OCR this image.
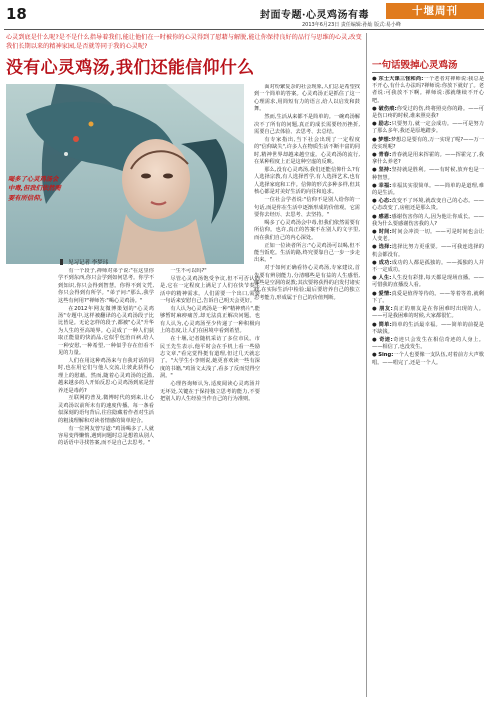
18	封面专题·心灵鸡汤有毒	十堰周刊
2013年6月23日 责任编辑:孙灿 版式:易小峰
心灵到底是什么呢?是不是什么指导着我们,能让他们在一时被你的心灵得到了慰藉与解脱,能让你保持良好的品行与思维的心灵,改变我们长期以来的精神家园,是否就等同于我的心灵呢?
没有心灵鸡汤,我们还能信仰什么
喝多了心灵鸡汤会中毒,但我们依然需要有所信仰。
见习记者 李梦玮

有一个段子,禅师对弟子说:"在这里你学不到东西,你只会学到如何思考。你学不到知识,你只会得到智慧。你得不到文凭,你只会得到有所学。"弟子问:"那么,我学这些有何用?"禅师答:"喝心灵鸡汤。"

在2012年网友微博策划的"心灵鸡汤"专题中,这样被翻译的心灵鸡汤段子比比皆是。无论怎样的段子,都被"心灵"升华为人生的至高境界。心灵成了一种人们获取正能量的快消品,它似乎包治百病,给人一种安慰,一种希望,一种似乎存在但看不见的力量。

人们在用这种鸡汤来与自我对话的同时,也在用它们与他人交流,让彼此获得心理上的慰藉。然而,随着心灵鸡汤的泛滥,越来越多的人开始反思:心灵鸡汤到底是营养还是毒药?

互联网的普及,微博时代的到来,让心灵鸡汤以前所未有的速度传播。每一条看似深刻的语句背后,往往隐藏着作者对生活的粗浅理解和对读者情感的简单迎合。

有一位网友曾写道:"鸡汤喝多了,人就容易变得懒惰,遇到问题时总是想着从别人的话语中寻找答案,而不是自己去思考。"

一生不可以吗?"

尽管心灵鸡汤饱受争议,但不可否认的是,它在一定程度上满足了人们在快节奏生活中的精神需求。人们需要一个出口,需要一句话来安慰自己,告诉自己明天会更好。

有人认为心灵鸡汤是一种"精神鸦片",能够暂时麻痹痛苦,却无法真正解决问题。也有人认为,心灵鸡汤至少传递了一种积极向上的态度,让人们在困境中看到希望。

在十堰,记者随机采访了多位市民。市民王先生表示,他平时会在手机上看一些励志文章,"看完觉得挺有道理,但过几天就忘了。"大学生小李则说,她更喜欢读一些有深度的书籍,"鸡汤文太浅了,看多了反而觉得空洞。"

心理咨询师认为,适度阅读心灵鸡汤并无坏处,关键在于保持独立思考的能力,不要把别人的人生经验当作自己的行为准则。

面对纷繁复杂的社会现象,人们总是希望找到一个简单的答案。心灵鸡汤正是抓住了这一心理需求,用简短有力的语言,给人以启发和鼓舞。

然而,生活从来都不是简单的。一碗鸡汤解决不了所有的问题,真正的成长需要经历挫折,需要自己去体验、去思考、去总结。

有专家指出,当下社会出现了一定程度的"信仰缺失",许多人在物质生活不断丰富的同时,精神世界却越来越空虚。心灵鸡汤的流行,在某种程度上正是这种空虚的反映。

那么,没有心灵鸡汤,我们还能信仰什么?有人选择宗教,有人选择哲学,有人选择艺术,也有人选择家庭和工作。信仰的形式多种多样,但其核心都是对美好生活的向往和追求。

一位社会学者说:"信仰不是别人给你的一句话,而是你在生活中逐渐形成的价值观。它需要你去经历、去思考、去坚持。"

喝多了心灵鸡汤会中毒,但我们依然需要有所信仰。也许,真正的答案不在别人的文字里,而在我们自己的内心深处。

正如一位读者所言:"心灵鸡汤可以喝,但不能当饭吃。生活的路,终究要靠自己一步一步走出来。"

对于如何正确看待心灵鸡汤,专家建议,首先要有辨别能力,分清哪些是有益的人生感悟,哪些是空洞的说教;其次要将获得的启发付诸实践,在实际生活中检验;最后要培养自己的独立思考能力,形成属于自己的价值判断。

一句话毁掉心灵鸡汤
● 东士大课三怪和尚:一个老者对禅师说:我总是不开心,有什么办法吗?禅师说:你放下就好了。老者说:可我放不下啊。禅师说:那就继续不开心吧。
● 破伤痕:你受过的伤,终将照亮你的路。——可是伤口疼的时候,谁来照亮我?
● 励志:只要努力,就一定会成功。——可是努力了那么多年,我还是原地踏步。
● 梦想:梦想总是要有的,万一实现了呢?——万一没实现呢?
● 青春:青春就是用来挥霍的。——挥霍完了,我拿什么养老?
● 坚持:坚持就是胜利。——有时候,放弃也是一种智慧。
● 幸福:幸福其实很简单。——简单的是道理,难的是生活。
● 心态:改变不了环境,就改变自己的心态。——心态改变了,房租还是那么贵。
● 感恩:感谢伤害你的人,因为他让你成长。——我为什么要感谢伤害我的人?
● 时间:时间会冲淡一切。——可是时间也会让人变老。
● 选择:选择比努力更重要。——可我连选择的机会都没有。
● 成功:成功的人都是孤独的。——孤独的人并不一定成功。
● 人生:人生没有彩排,每天都是现场直播。——可惜我的直播没人看。
● 爱情:真爱是值得等待的。——等着等着,就剩下了。
● 朋友:真正的朋友是在你困难时出现的人。——可是我困难的时候,大家都很忙。
● 简单:简单的生活最幸福。——简单的前提是不缺钱。
● 奇迹:奇迹只会发生在相信奇迹的人身上。——相信了,也没发生。
● Sing:一个人也要像一支队伍,对着前方大声歌唱。——唱完了,还是一个人。
